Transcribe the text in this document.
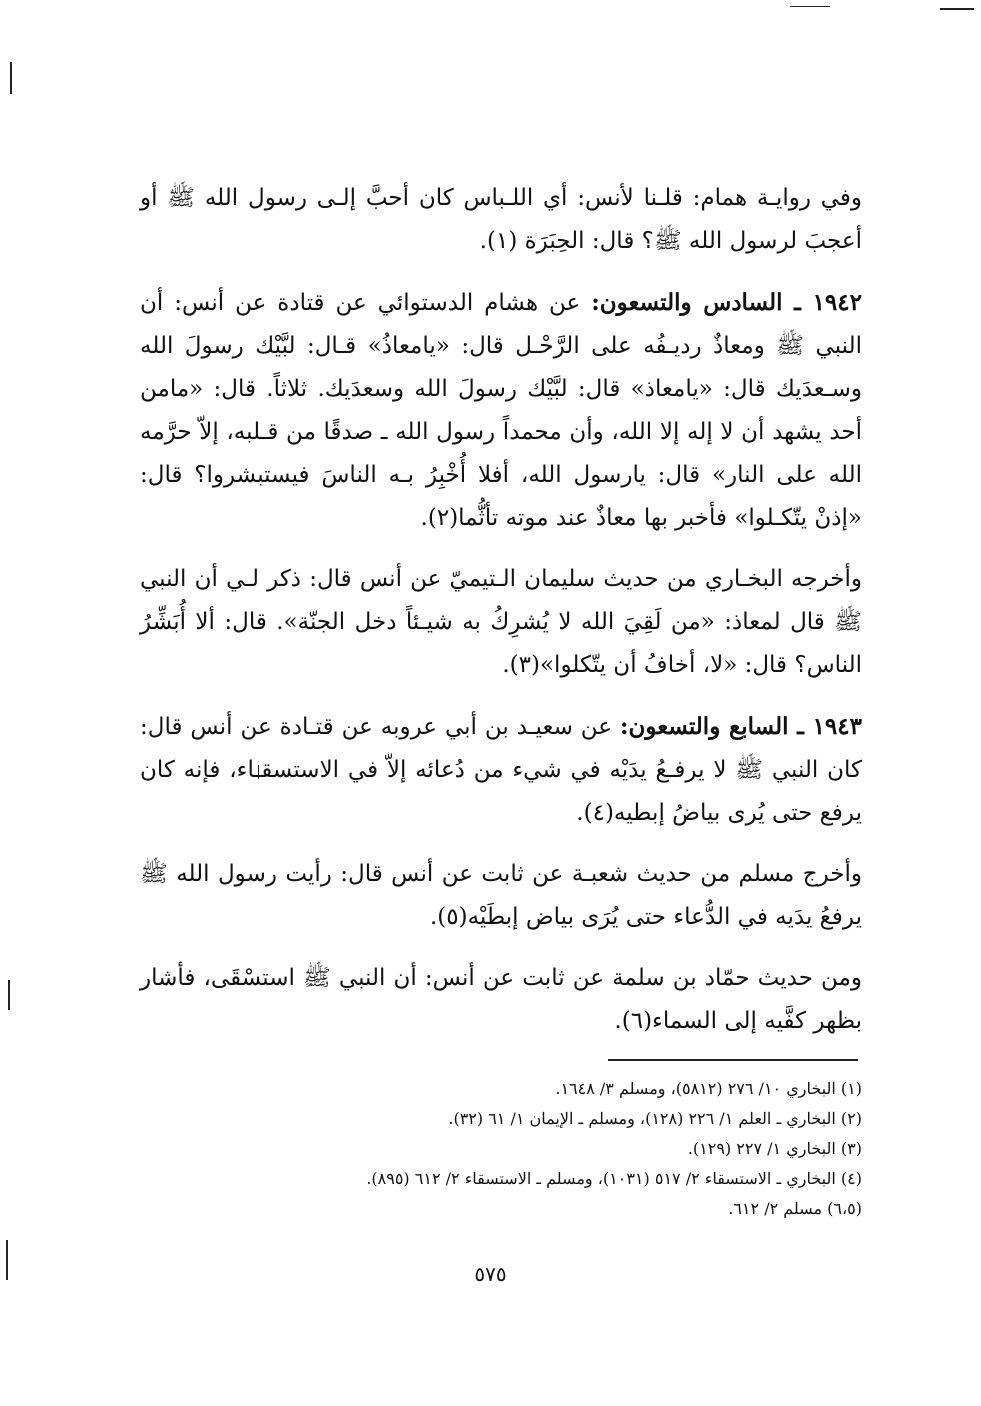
وفي روايـة همام: قلـنا لأنس: أي اللـباس كان أحبَّ إلـى رسول الله ﷺ أو أعجبَ لرسول الله ﷺ؟ قال: الحِبَرَة (١).

١٩٤٢ ـ السادس والتسعون: عن هشام الدستوائي عن قتادة عن أنس: أن النبي ﷺ ومعاذٌ رديـفُه على الرَّحْـل قال: «يامعاذُ» قـال: لبَّيْك رسولَ الله وسـعدَيك قال: «يامعاذ» قال: لبَّيْك رسولَ الله وسعدَيك. ثلاثاً. قال: «مامن أحد يشهد أن لا إله إلا الله، وأن محمداً رسول الله ـ صدقًا من قـلبه، إلاّ حرَّمه الله على النار» قال: يارسول الله، أفلا أُخْبِرُ بـه الناسَ فيستبشروا؟ قال: «إذنْ يتّكـلوا» فأخبر بها معاذٌ عند موته تأثُّما(٢).

وأخرجه البخـاري من حديث سليمان الـتيميّ عن أنس قال: ذكر لـي أن النبي ﷺ قال لمعاذ: «من لَقِيَ الله لا يُشرِكُ به شيـئاً دخل الجنّة». قال: ألا أُبَشِّرُ الناس؟ قال: «لا، أخافُ أن يتّكلوا»(٣).

١٩٤٣ ـ السابع والتسعون: عن سعيـد بن أبي عروبه عن قتـادة عن أنس قال: كان النبي ﷺ لا يرفـعُ يدَيْه في شيء من دُعائه إلاّ في الاستسقـاء، فإنه كان يرفع حتى يُرى بياضُ إبطيه(٤).

وأخرج مسلم من حديث شعبـة عن ثابت عن أنس قال: رأيت رسول الله ﷺ يرفعُ يدَيه في الدُّعاء حتى يُرَى بياض إبطَيْه(٥).

ومن حديث حمّاد بن سلمة عن ثابت عن أنس: أن النبي ﷺ استسْقَى، فأشار بظهر كفَّيه إلى السماء(٦).

(١) البخاري ١٠/ ٢٧٦ (٥٨١٢)، ومسلم ٣/ ١٦٤٨.

(٢) البخاري ـ العلم ١/ ٢٢٦ (١٢٨)، ومسلم ـ الإيمان ١/ ٦١ (٣٢).

(٣) البخاري ١/ ٢٢٧ (١٢٩).

(٤) البخاري ـ الاستسقاء ٢/ ٥١٧ (١٠٣١)، ومسلم ـ الاستسقاء ٢/ ٦١٢ (٨٩٥).

(٦،٥) مسلم ٢/ ٦١٢.

٥٧٥
